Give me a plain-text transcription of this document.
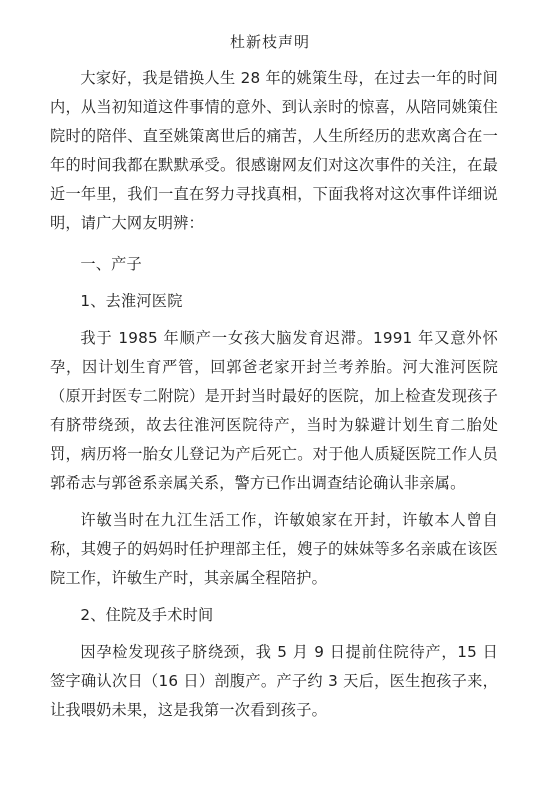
杜新枝声明

大家好，我是错换人生 28 年的姚策生母，在过去一年的时间内，从当初知道这件事情的意外、到认亲时的惊喜，从陪同姚策住院时的陪伴、直至姚策离世后的痛苦，人生所经历的悲欢离合在一年的时间我都在默默承受。很感谢网友们对这次事件的关注，在最近一年里，我们一直在努力寻找真相，下面我将对这次事件详细说明，请广大网友明辨：

一、产子

1、去淮河医院

我于 1985 年顺产一女孩大脑发育迟滞。1991 年又意外怀孕，因计划生育严管，回郭爸老家开封兰考养胎。河大淮河医院（原开封医专二附院）是开封当时最好的医院，加上检查发现孩子有脐带绕颈，故去往淮河医院待产，当时为躲避计划生育二胎处罚，病历将一胎女儿登记为产后死亡。对于他人质疑医院工作人员郭希志与郭爸系亲属关系，警方已作出调查结论确认非亲属。

许敏当时在九江生活工作，许敏娘家在开封，许敏本人曾自称，其嫂子的妈妈时任护理部主任，嫂子的妹妹等多名亲戚在该医院工作，许敏生产时，其亲属全程陪护。

2、住院及手术时间

因孕检发现孩子脐绕颈，我 5 月 9 日提前住院待产，15 日签字确认次日（16 日）剖腹产。产子约 3 天后，医生抱孩子来，让我喂奶未果，这是我第一次看到孩子。
